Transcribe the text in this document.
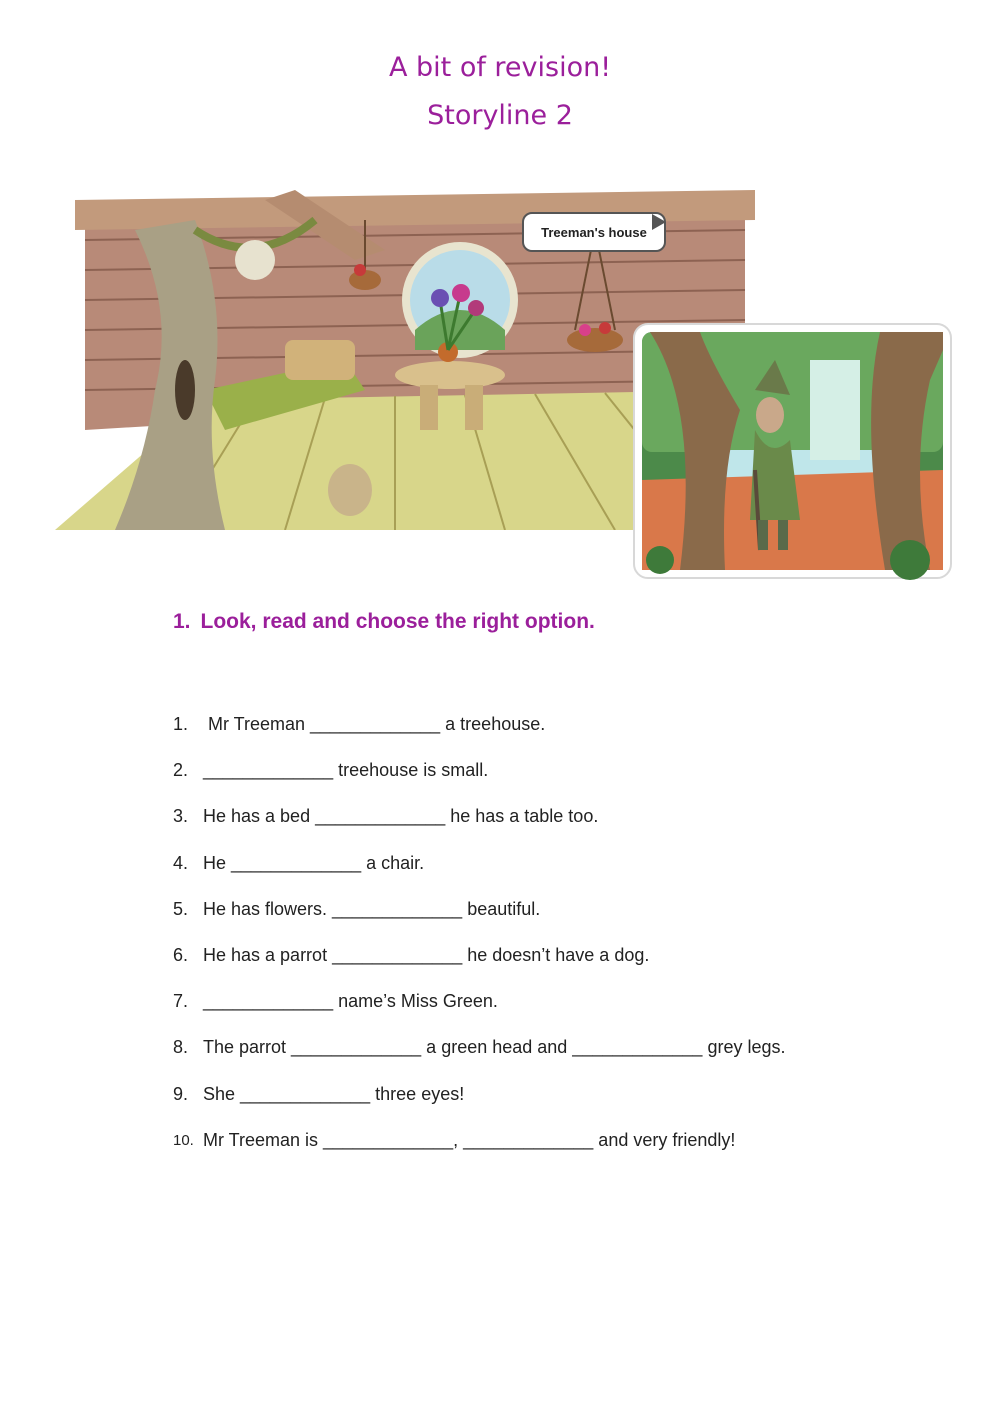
A bit of revision!
Storyline 2
Treeman's house
1. Look, read and choose the right option.
1. Mr Treeman _____________ a treehouse.
2. _____________ treehouse is small.
3. He has a bed _____________ he has a table too.
4. He _____________ a chair.
5. He has flowers. _____________ beautiful.
6. He has a parrot _____________ he doesn’t have a dog.
7. _____________ name’s Miss Green.
8. The parrot _____________ a green head and _____________ grey legs.
9. She _____________ three eyes!
10. Mr Treeman is _____________, _____________ and very friendly!
